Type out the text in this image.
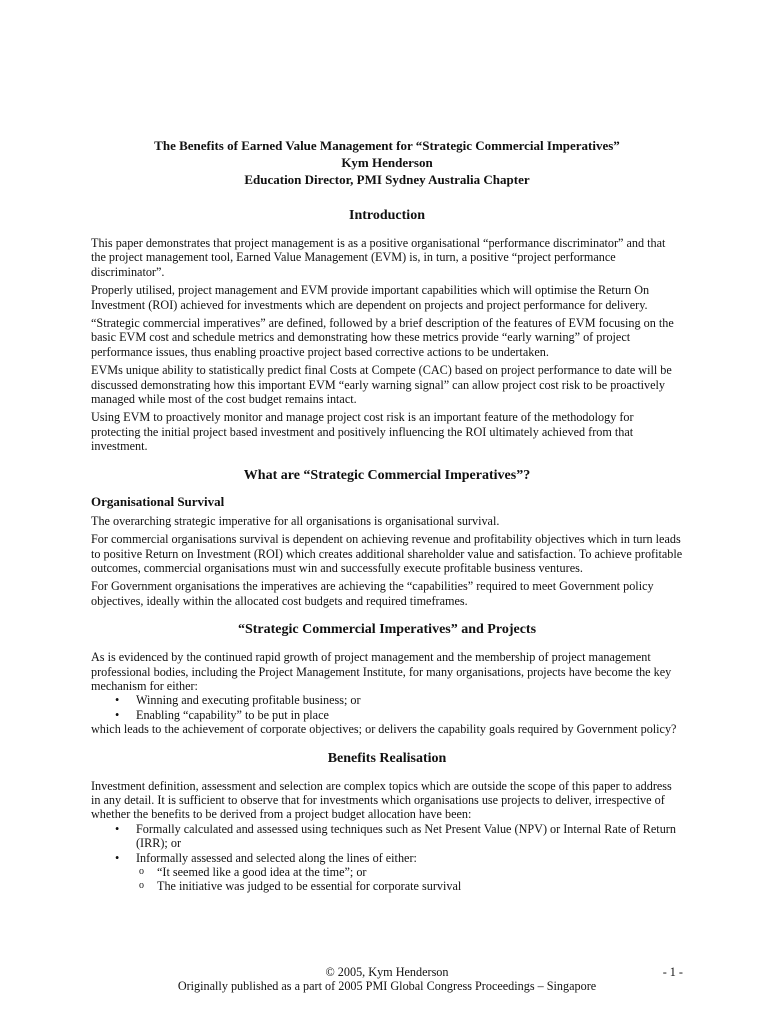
The Benefits of Earned Value Management for “Strategic Commercial Imperatives”
Kym Henderson
Education Director, PMI Sydney Australia Chapter
Introduction

This paper demonstrates that project management is as a positive organisational “performance discriminator” and that the project management tool, Earned Value Management (EVM) is, in turn, a positive “project performance discriminator”.

Properly utilised, project management and EVM provide important capabilities which will optimise the Return On Investment (ROI) achieved for investments which are dependent on projects and project performance for delivery.

“Strategic commercial imperatives” are defined, followed by a brief description of the features of EVM focusing on the basic EVM cost and schedule metrics and demonstrating how these metrics provide “early warning” of project performance issues, thus enabling proactive project based corrective actions to be undertaken.

EVMs unique ability to statistically predict final Costs at Compete (CAC) based on project performance to date will be discussed demonstrating how this important EVM “early warning signal” can allow project cost risk to be proactively managed while most of the cost budget remains intact.

Using EVM to proactively monitor and manage project cost risk is an important feature of the methodology for protecting the initial project based investment and positively influencing the ROI ultimately achieved from that investment.

What are “Strategic Commercial Imperatives”?
Organisational Survival

The overarching strategic imperative for all organisations is organisational survival.

For commercial organisations survival is dependent on achieving revenue and profitability objectives which in turn leads to positive Return on Investment (ROI) which creates additional shareholder value and satisfaction. To achieve profitable outcomes, commercial organisations must win and successfully execute profitable business ventures.

For Government organisations the imperatives are achieving the “capabilities” required to meet Government policy objectives, ideally within the allocated cost budgets and required timeframes.

“Strategic Commercial Imperatives” and Projects

As is evidenced by the continued rapid growth of project management and the membership of project management professional bodies, including the Project Management Institute, for many organisations, projects have become the key mechanism for either:

• Winning and executing profitable business; or
• Enabling “capability” to be put in place

which leads to the achievement of corporate objectives; or delivers the capability goals required by Government policy?

Benefits Realisation

Investment definition, assessment and selection are complex topics which are outside the scope of this paper to address in any detail. It is sufficient to observe that for investments which organisations use projects to deliver, irrespective of whether the benefits to be derived from a project budget allocation have been:

• Formally calculated and assessed using techniques such as Net Present Value (NPV) or Internal Rate of Return (IRR); or
• Informally assessed and selected along the lines of either:
o “It seemed like a good idea at the time”; or
o The initiative was judged to be essential for corporate survival
© 2005, Kym Henderson	- 1 -
Originally published as a part of 2005 PMI Global Congress Proceedings – Singapore
